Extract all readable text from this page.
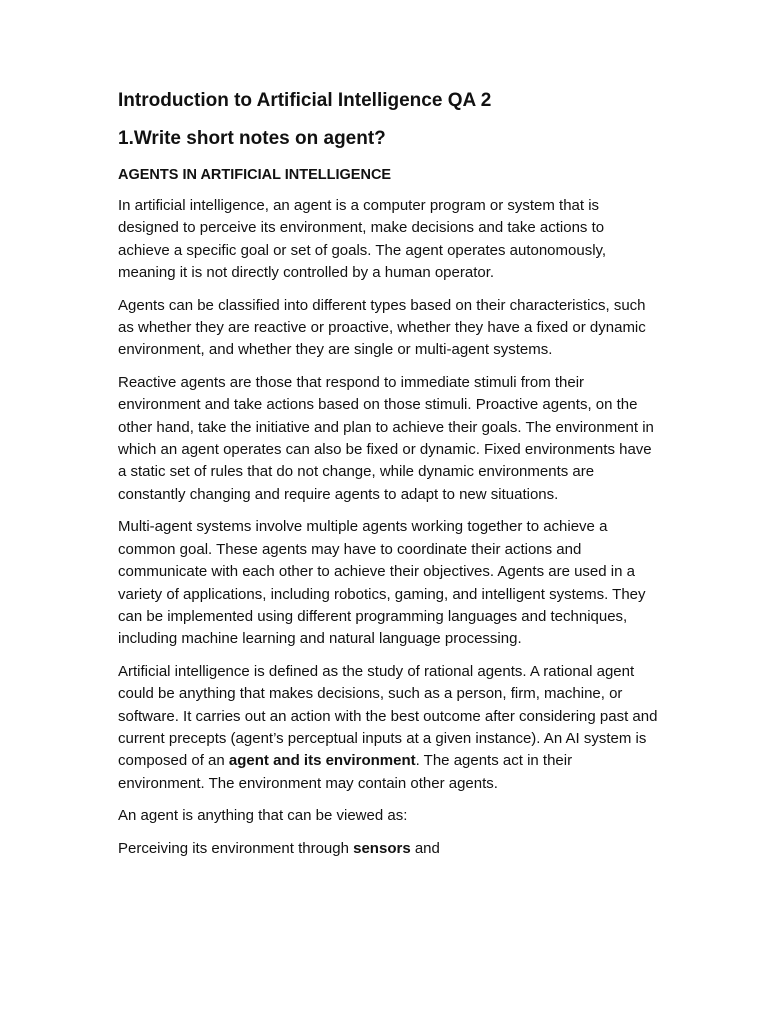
Introduction to Artificial Intelligence QA 2
1.Write short notes on agent?
AGENTS IN ARTIFICIAL INTELLIGENCE

In artificial intelligence, an agent is a computer program or system that is designed to perceive its environment, make decisions and take actions to achieve a specific goal or set of goals. The agent operates autonomously, meaning it is not directly controlled by a human operator.

Agents can be classified into different types based on their characteristics, such as whether they are reactive or proactive, whether they have a fixed or dynamic environment, and whether they are single or multi-agent systems.

Reactive agents are those that respond to immediate stimuli from their environment and take actions based on those stimuli. Proactive agents, on the other hand, take the initiative and plan to achieve their goals. The environment in which an agent operates can also be fixed or dynamic. Fixed environments have a static set of rules that do not change, while dynamic environments are constantly changing and require agents to adapt to new situations.

Multi-agent systems involve multiple agents working together to achieve a common goal. These agents may have to coordinate their actions and communicate with each other to achieve their objectives. Agents are used in a variety of applications, including robotics, gaming, and intelligent systems. They can be implemented using different programming languages and techniques, including machine learning and natural language processing.

Artificial intelligence is defined as the study of rational agents. A rational agent could be anything that makes decisions, such as a person, firm, machine, or software. It carries out an action with the best outcome after considering past and current precepts (agent’s perceptual inputs at a given instance). An AI system is composed of an agent and its environment. The agents act in their environment. The environment may contain other agents.

An agent is anything that can be viewed as:

Perceiving its environment through sensors and
